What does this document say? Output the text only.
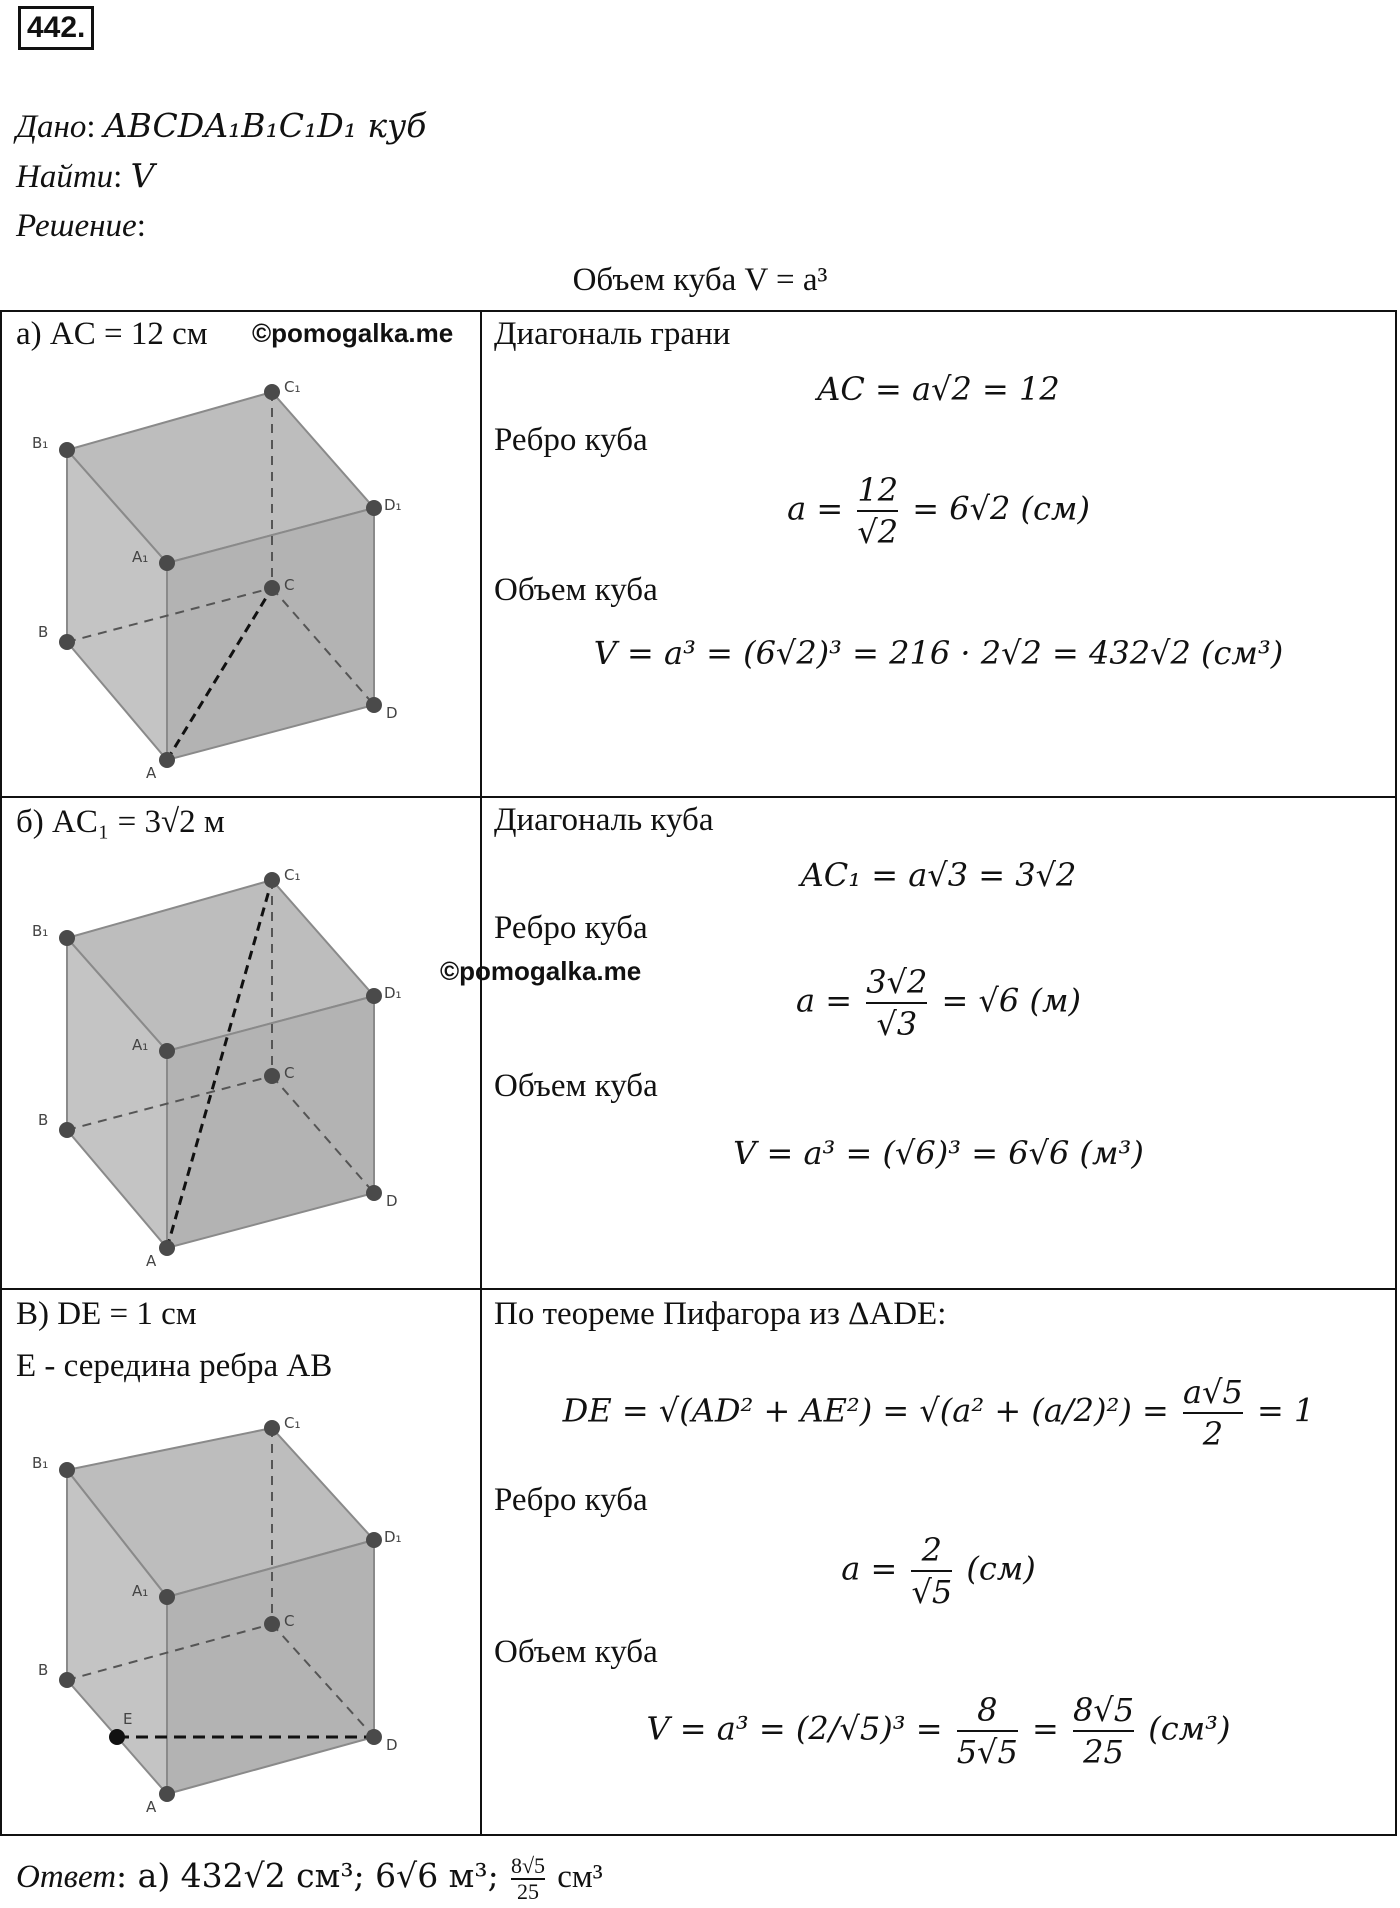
442.
Дано: ABCDA₁B₁C₁D₁ куб
Найти: V
Решение:
Объем куба V = a³
а) AC = 12 см ©pomogalka.me
A
B
C
D
A₁
B₁
C₁
D₁
Диагональ грани
AC = a√2 = 12
Ребро куба
$a = \frac{12}{√2} = 6√2$ (см)
Объем куба
V = a³ = (6√2)³ = 216 · 2√2 = 432√2 (см³)
б) AC₁ = 3√2 м
A
B
C
D
A₁
B₁
C₁
D₁
©pomogalka.me
Диагональ куба
AC₁ = a√3 = 3√2
Ребро куба
$a = \frac{3√2}{√3} = √6$ (м)
Объем куба
V = a³ = (√6)³ = 6√6 (м³)
В) DE = 1 см
E - середина ребра AB
A
B
C
D
A₁
B₁
C₁
D₁
E
По теореме Пифагора из ΔADE:
DE = $√(AD^2 + AE^2) = √(a^2 + (a/2)^2) = \frac{a√5}{2} = 1$
Ребро куба
$a = \frac{2}{√5} (см)$
Объем куба
$V = a^3 = (2/√5)^3 = \frac{8}{5√5} = \frac{8√5}{25} (см^3)$
Ответ: а) 432√2 см³; 6√6 м³; $\frac{8√5}{25} см^3$
